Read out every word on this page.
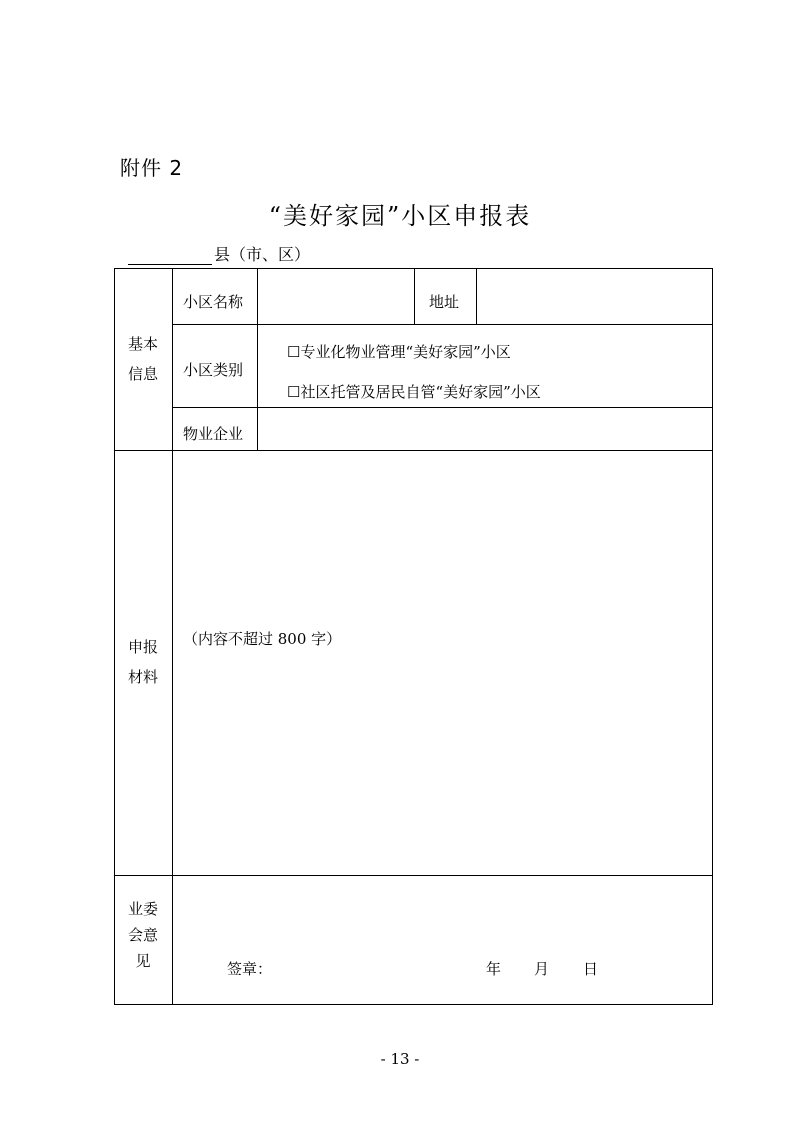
附件 2
“美好家园”小区申报表
县（市、区）
基本
信息
申报
材料
业委
会意
见
小区名称	地址
小区类别
☐专业化物业管理“美好家园”小区
☐社区托管及居民自管“美好家园”小区
物业企业
（内容不超过 800 字）
签章：	年 月 日
- 13 -
